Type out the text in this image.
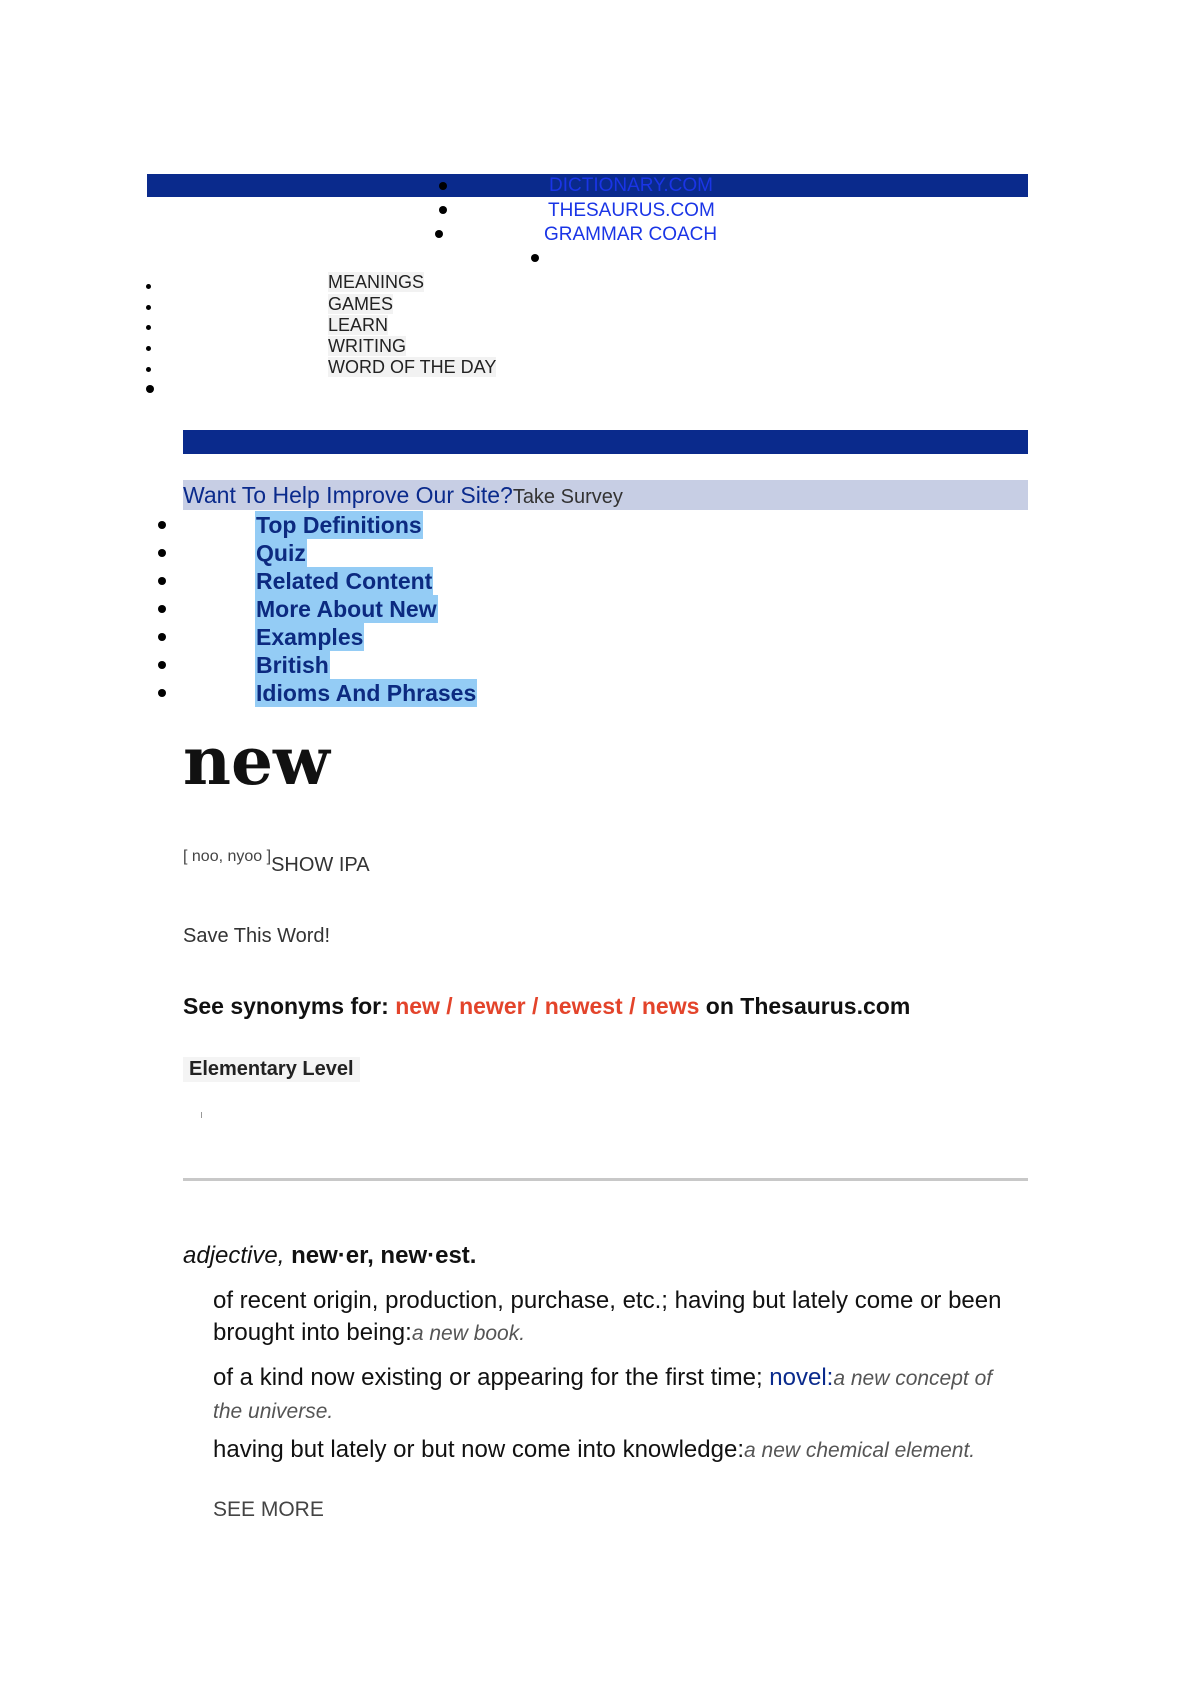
DICTIONARY.COM
THESAURUS.COM
GRAMMAR COACH
MEANINGS
GAMES
LEARN
WRITING
WORD OF THE DAY
Want To Help Improve Our Site?Take Survey
Top Definitions
Quiz
Related Content
More About New
Examples
British
Idioms And Phrases
new
[ noo, nyoo ]SHOW IPA
Save This Word!
See synonyms for: new / newer / newest / news on Thesaurus.com
Elementary Level
adjective, new·er, new·est.
of recent origin, production, purchase, etc.; having but lately come or been brought into being:a new book.
of a kind now existing or appearing for the first time; novel:a new concept of the universe.
having but lately or but now come into knowledge:a new chemical element.
SEE MORE
